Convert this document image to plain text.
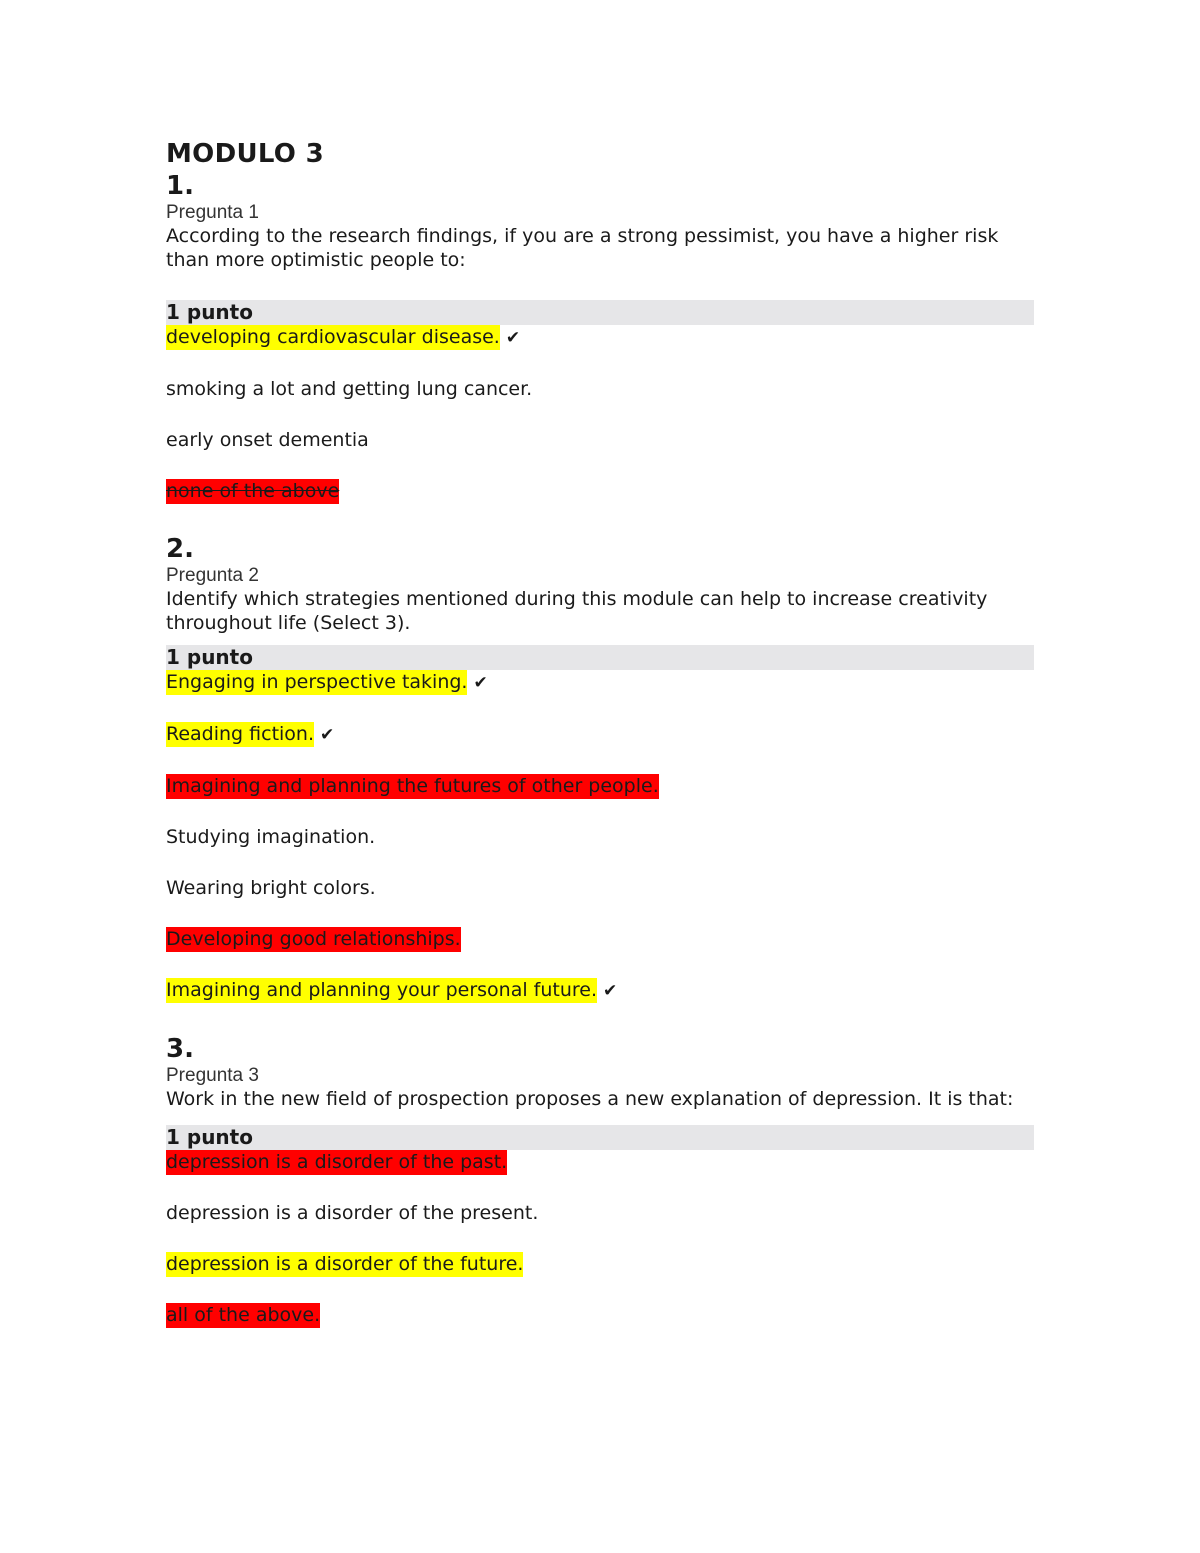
MODULO 3
1.
Pregunta 1
According to the research findings, if you are a strong pessimist, you have a higher risk than more optimistic people to:
1 punto
developing cardiovascular disease. ✔
smoking a lot and getting lung cancer.
early onset dementia
none of the above
2.
Pregunta 2
Identify which strategies mentioned during this module can help to increase creativity throughout life (Select 3).
1 punto
Engaging in perspective taking. ✔
Reading fiction. ✔
Imagining and planning the futures of other people.
Studying imagination.
Wearing bright colors.
Developing good relationships.
Imagining and planning your personal future. ✔
3.
Pregunta 3
Work in the new field of prospection proposes a new explanation of depression. It is that:
1 punto
depression is a disorder of the past.
depression is a disorder of the present.
depression is a disorder of the future.
all of the above.
